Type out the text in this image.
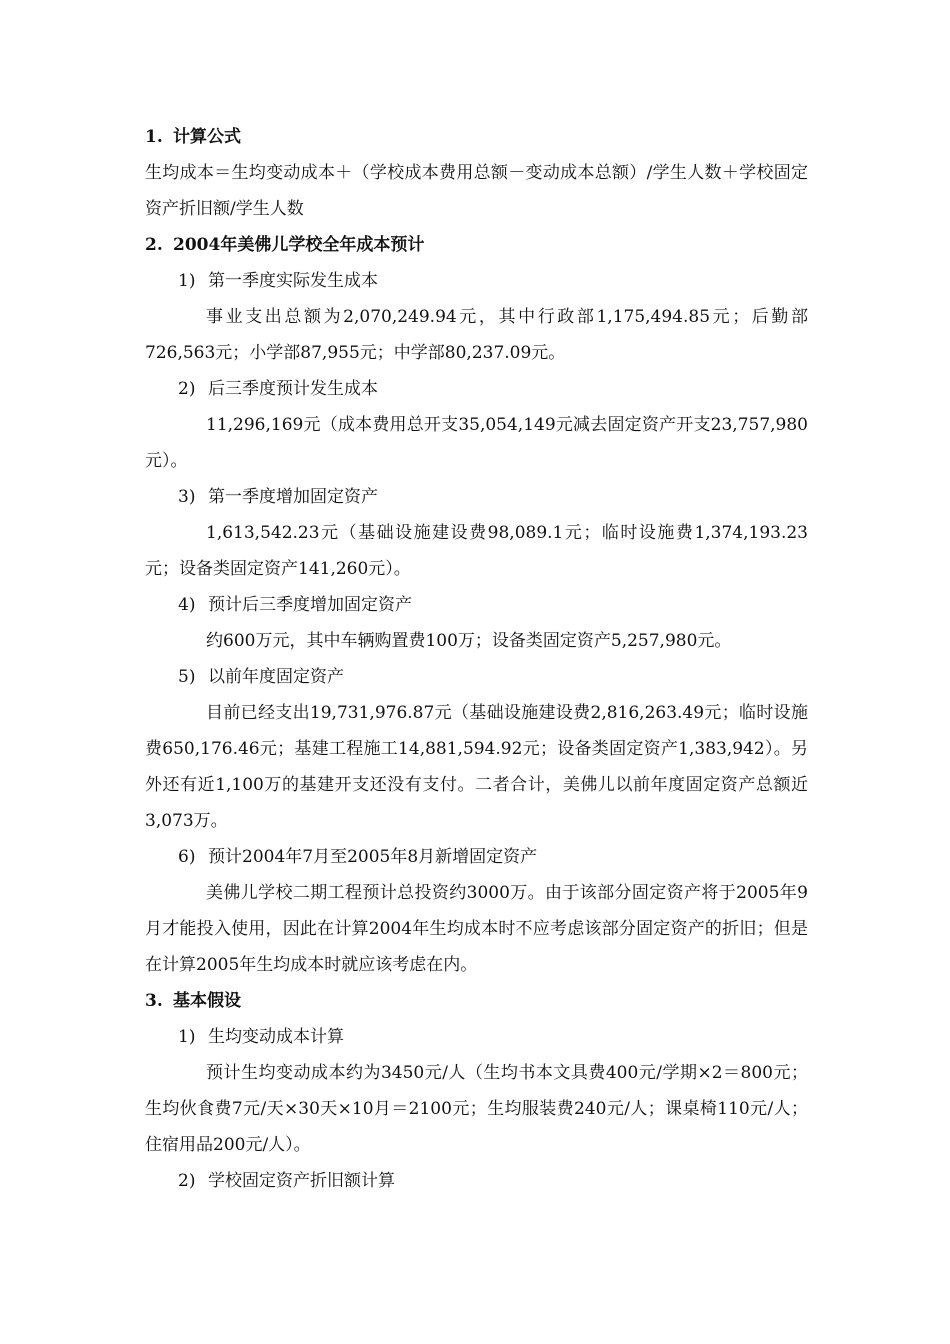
1. 计算公式
生均成本＝生均变动成本＋（学校成本费用总额－变动成本总额）/学生人数＋学校固定资产折旧额/学生人数
2. 2004年美佛儿学校全年成本预计
1) 第一季度实际发生成本
事业支出总额为2,070,249.94元，其中行政部1,175,494.85元；后勤部726,563元；小学部87,955元；中学部80,237.09元。
2) 后三季度预计发生成本
11,296,169元（成本费用总开支35,054,149元减去固定资产开支23,757,980元）。
3) 第一季度增加固定资产
1,613,542.23元（基础设施建设费98,089.1元；临时设施费1,374,193.23元；设备类固定资产141,260元）。
4) 预计后三季度增加固定资产
约600万元，其中车辆购置费100万；设备类固定资产5,257,980元。
5) 以前年度固定资产
目前已经支出19,731,976.87元（基础设施建设费2,816,263.49元；临时设施费650,176.46元；基建工程施工14,881,594.92元；设备类固定资产1,383,942）。另外还有近1,100万的基建开支还没有支付。二者合计，美佛儿以前年度固定资产总额近3,073万。
6) 预计2004年7月至2005年8月新增固定资产
美佛儿学校二期工程预计总投资约3000万。由于该部分固定资产将于2005年9月才能投入使用，因此在计算2004年生均成本时不应考虑该部分固定资产的折旧；但是在计算2005年生均成本时就应该考虑在内。
3. 基本假设
1) 生均变动成本计算
预计生均变动成本约为3450元/人（生均书本文具费400元/学期×2＝800元；生均伙食费7元/天×30天×10月＝2100元；生均服装费240元/人；课桌椅110元/人；住宿用品200元/人）。
2) 学校固定资产折旧额计算
